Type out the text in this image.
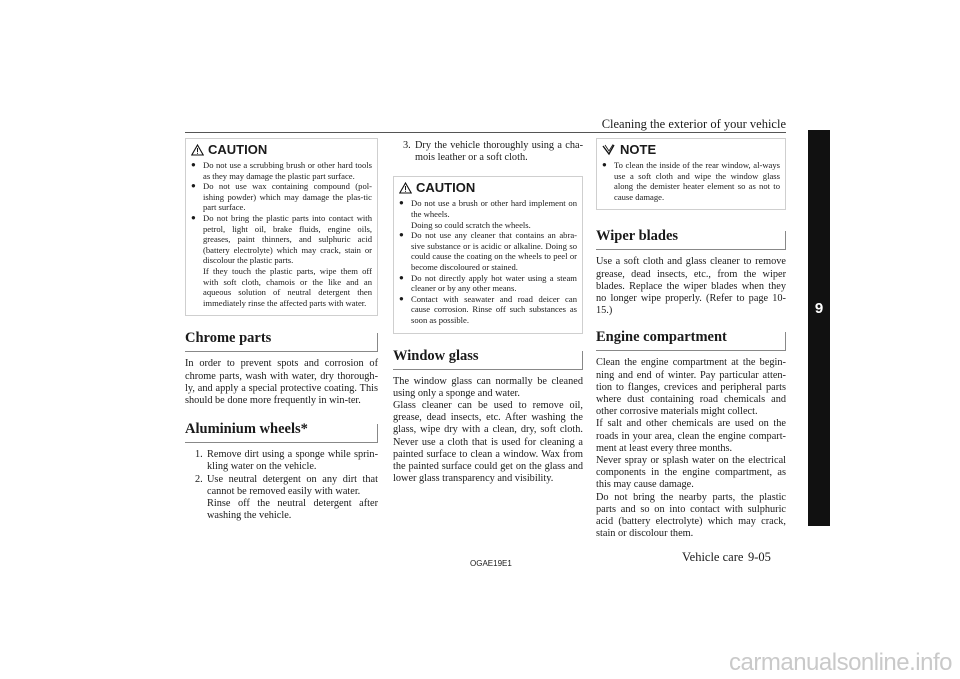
Cleaning the exterior of your vehicle
9
CAUTION
● Do not use a scrubbing brush or other hard tools as they may damage the plastic part surface.
● Do not use wax containing compound (pol-ishing powder) which may damage the plas-tic part surface.
● Do not bring the plastic parts into contact with petrol, light oil, brake fluids, engine oils, greases, paint thinners, and sulphuric acid (battery electrolyte) which may crack, stain or discolour the plastic parts.
If they touch the plastic parts, wipe them off with soft cloth, chamois or the like and an aqueous solution of neutral detergent then immediately rinse the affected parts with water.
Chrome parts

In order to prevent spots and corrosion of chrome parts, wash with water, dry thorough-ly, and apply a special protective coating. This should be done more frequently in win-ter.

Aluminium wheels*
1. Remove dirt using a sponge while sprin-kling water on the vehicle.
2. Use neutral detergent on any dirt that cannot be removed easily with water.
Rinse off the neutral detergent after washing the vehicle.
3. Dry the vehicle thoroughly using a cha-mois leather or a soft cloth.
CAUTION
● Do not use a brush or other hard implement on the wheels.
Doing so could scratch the wheels.
● Do not use any cleaner that contains an abra-sive substance or is acidic or alkaline. Doing so could cause the coating on the wheels to peel or become discoloured or stained.
● Do not directly apply hot water using a steam cleaner or by any other means.
● Contact with seawater and road deicer can cause corrosion. Rinse off such substances as soon as possible.
Window glass

The window glass can normally be cleaned using only a sponge and water.
Glass cleaner can be used to remove oil, grease, dead insects, etc. After washing the glass, wipe dry with a clean, dry, soft cloth. Never use a cloth that is used for cleaning a painted surface to clean a window. Wax from the painted surface could get on the glass and lower glass transparency and visibility.

NOTE
● To clean the inside of the rear window, al-ways use a soft cloth and wipe the window glass along the demister heater element so as not to cause damage.
Wiper blades

Use a soft cloth and glass cleaner to remove grease, dead insects, etc., from the wiper blades. Replace the wiper blades when they no longer wipe properly. (Refer to page 10-15.)

Engine compartment

Clean the engine compartment at the begin-ning and end of winter. Pay particular atten-tion to flanges, crevices and peripheral parts where dust containing road chemicals and other corrosive materials might collect.
If salt and other chemicals are used on the roads in your area, clean the engine compart-ment at least every three months.
Never spray or splash water on the electrical components in the engine compartment, as this may cause damage.
Do not bring the nearby parts, the plastic parts and so on into contact with sulphuric acid (battery electrolyte) which may crack, stain or discolour them.

OGAE19E1	Vehicle care 9-05
carmanualsonline.info
